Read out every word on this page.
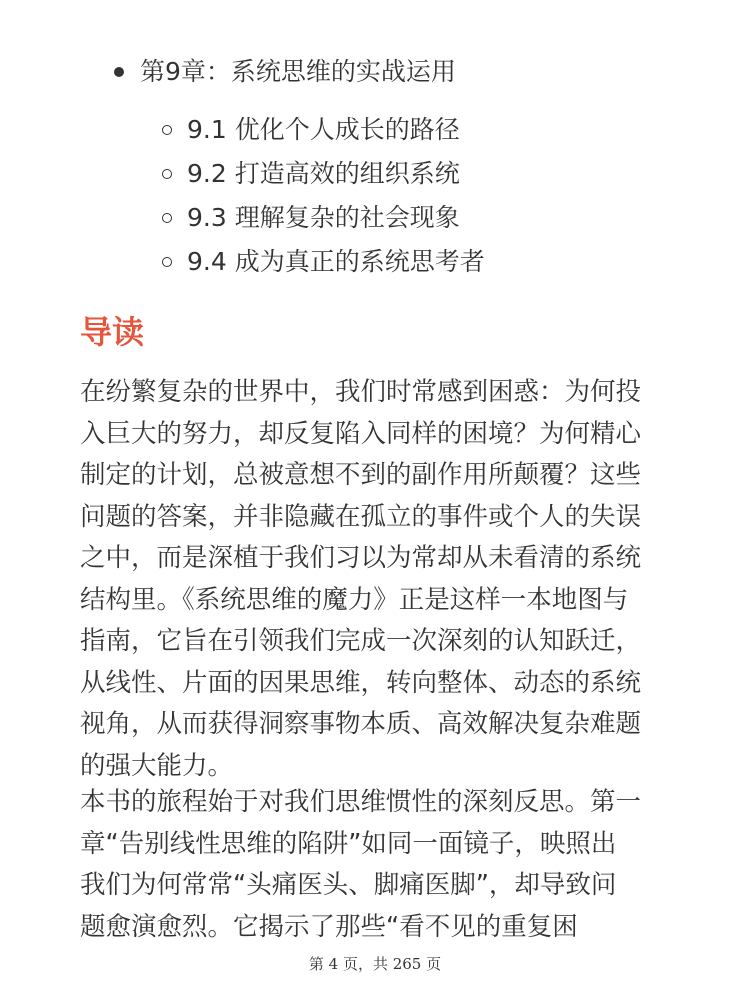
第9章：系统思维的实战运用
9.1 优化个人成长的路径
9.2 打造高效的组织系统
9.3 理解复杂的社会现象
9.4 成为真正的系统思考者
导读
在纷繁复杂的世界中，我们时常感到困惑：为何投
入巨大的努力，却反复陷入同样的困境？为何精心
制定的计划，总被意想不到的副作用所颠覆？这些
问题的答案，并非隐藏在孤立的事件或个人的失误
之中，而是深植于我们习以为常却从未看清的系统
结构里。《系统思维的魔力》正是这样一本地图与
指南，它旨在引领我们完成一次深刻的认知跃迁，
从线性、片面的因果思维，转向整体、动态的系统
视角，从而获得洞察事物本质、高效解决复杂难题
的强大能力。
本书的旅程始于对我们思维惯性的深刻反思。第一
章“告别线性思维的陷阱”如同一面镜子，映照出
我们为何常常“头痛医头、脚痛医脚”，却导致问
题愈演愈烈。它揭示了那些“看不见的重复困
第 4 页，共 265 页
